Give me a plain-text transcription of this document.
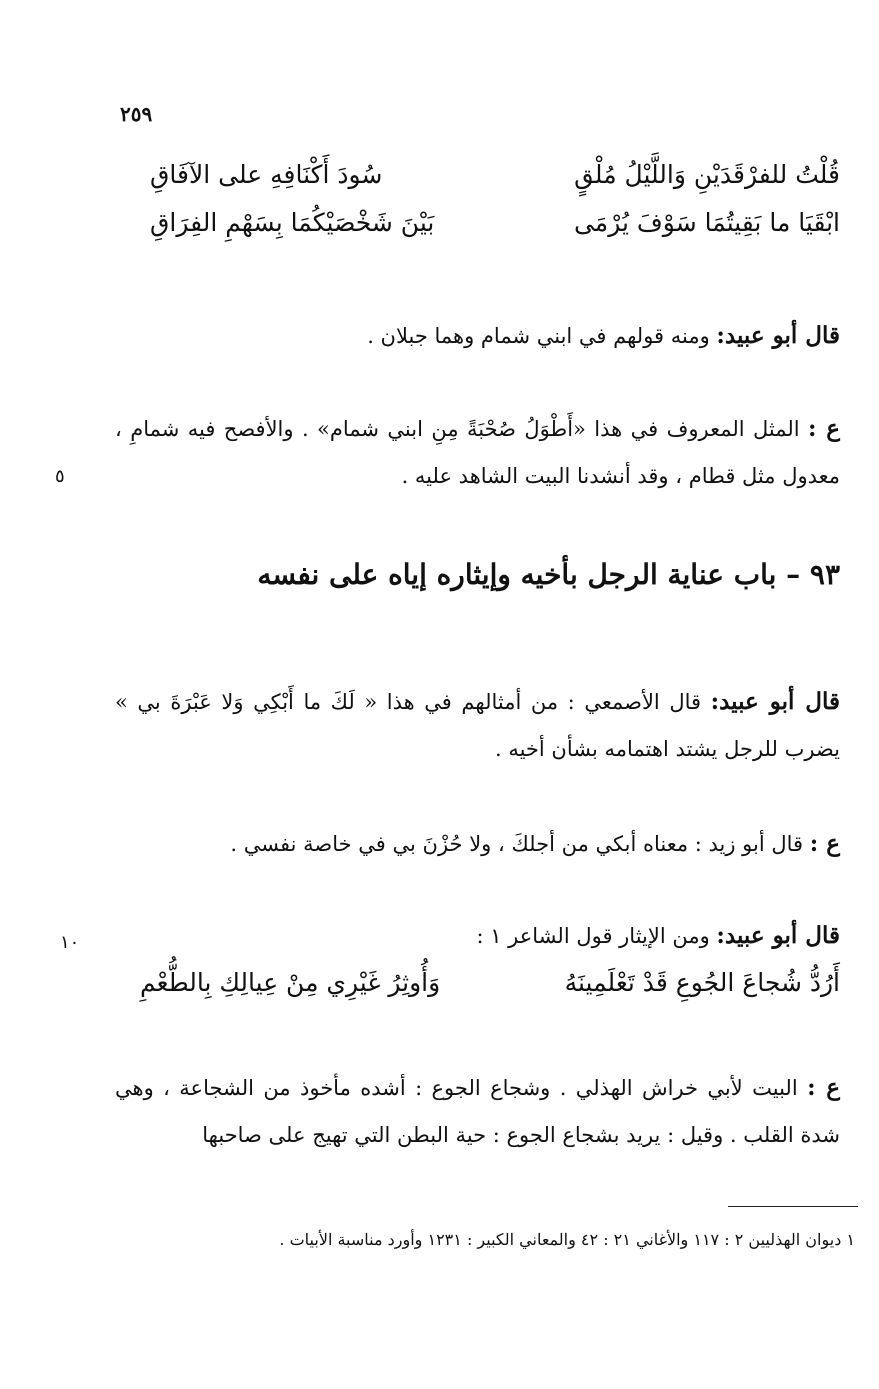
٢٥٩
قُلْتُ للفرْقَدَيْنِ وَاللَّيْلُ مُلْقٍ
سُودَ أَكْنَافِهِ على الآفَاقِ
ابْقَيَا ما بَقِيتُمَا سَوْفَ يُرْمَى
بَيْنَ شَخْصَيْكُمَا بِسَهْمِ الفِرَاقِ
قال أبو عبيد: ومنه قولهم في ابني شمام وهما جبلان .
ع : المثل المعروف في هذا «أَطْوَلُ صُحْبَةً مِنِ ابني شمام» . والأفصح فيه شمامِ ، معدول مثل قطام ، وقد أنشدنا البيت الشاهد عليه .
٥
٩٣ – باب عناية الرجل بأخيه وإيثاره إياه على نفسه
قال أبو عبيد: قال الأصمعي : من أمثالهم في هذا « لَكَ ما أَبْكِي وَلا عَبْرَةَ بي » يضرب للرجل يشتد اهتمامه بشأن أخيه .
ع : قال أبو زيد : معناه أبكي من أجلكَ ، ولا حُزْنَ بي في خاصة نفسي .
قال أبو عبيد: ومن الإيثار قول الشاعر ١ :
١٠
أَرُدُّ شُجاعَ الجُوعِ قَدْ تَعْلَمِينَهُ
وَأُوثِرُ غَيْرِي مِنْ عِيالِكِ بِالطُّعْمِ
ع : البيت لأبي خراش الهذلي . وشجاع الجوع : أشده مأخوذ من الشجاعة ، وهي شدة القلب . وقيل : يريد بشجاع الجوع : حية البطن التي تهيج على صاحبها
١ ديوان الهذليين ٢ : ١١٧ والأغاني ٢١ : ٤٢ والمعاني الكبير : ١٢٣١ وأورد مناسبة الأبيات .
